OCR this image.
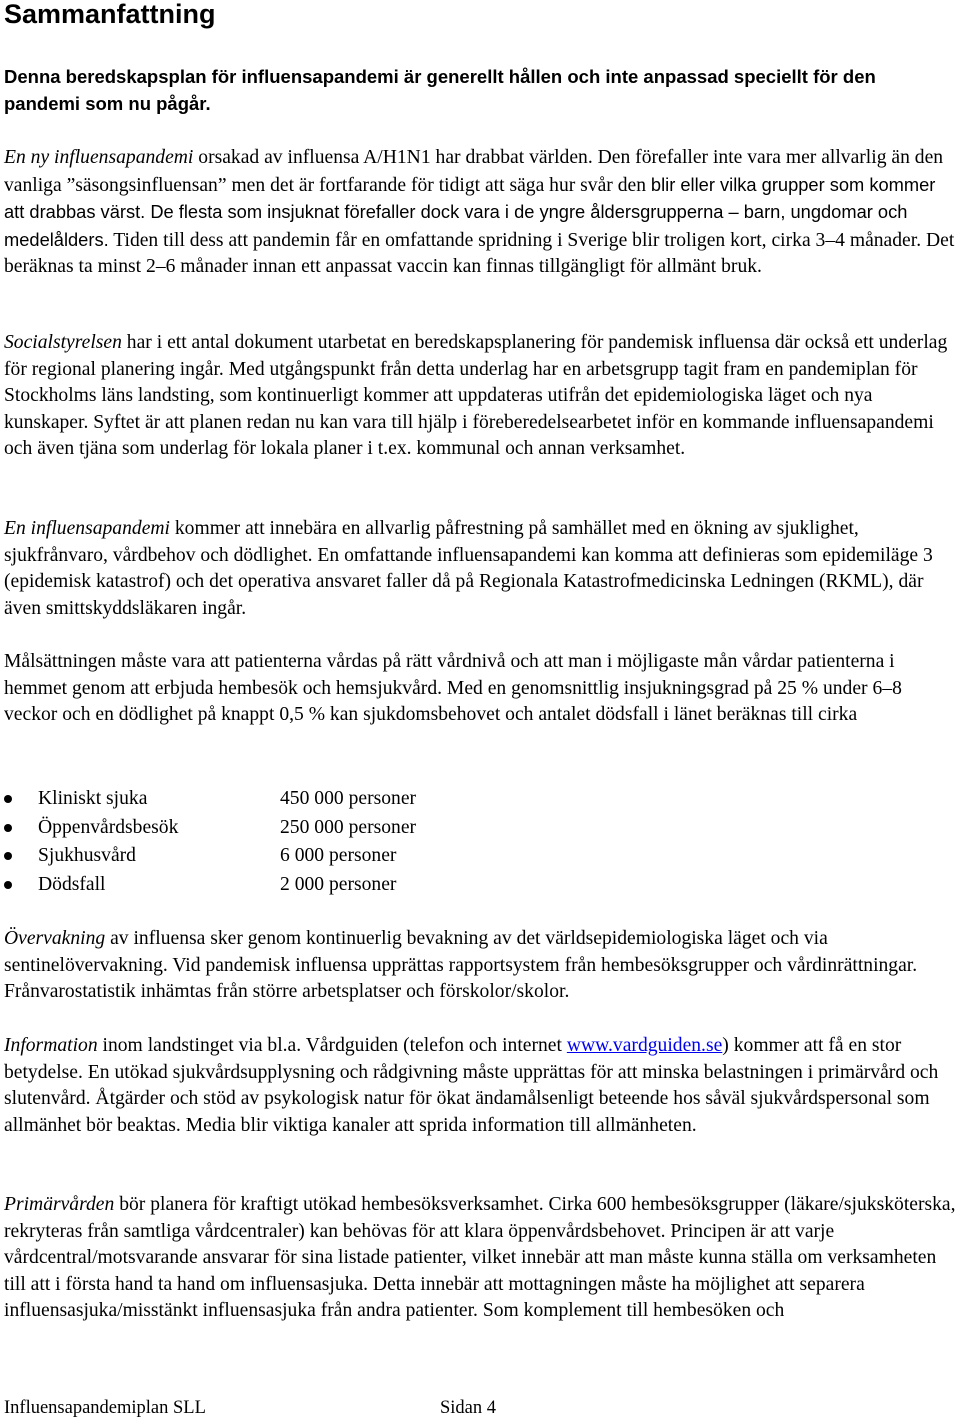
Sammanfattning

Denna beredskapsplan för influensapandemi är generellt hållen och inte anpassad speciellt för den pandemi som nu pågår.

En ny influensapandemi orsakad av influensa A/H1N1 har drabbat världen. Den förefaller inte vara mer allvarlig än den vanliga ”säsongsinfluensan” men det är fortfarande för tidigt att säga hur svår den blir eller vilka grupper som kommer att drabbas värst. De flesta som insjuknat förefaller dock vara i de yngre åldersgrupperna – barn, ungdomar och medelålders. Tiden till dess att pandemin får en omfattande spridning i Sverige blir troligen kort, cirka 3–4 månader. Det beräknas ta minst 2–6 månader innan ett anpassat vaccin kan finnas tillgängligt för allmänt bruk.

Socialstyrelsen har i ett antal dokument utarbetat en beredskapsplanering för pandemisk influensa där också ett underlag för regional planering ingår. Med utgångspunkt från detta underlag har en arbetsgrupp tagit fram en pandemiplan för Stockholms läns landsting, som kontinuerligt kommer att uppdateras utifrån det epidemiologiska läget och nya kunskaper. Syftet är att planen redan nu kan vara till hjälp i föreberedelsearbetet inför en kommande influensapandemi och även tjäna som underlag för lokala planer i t.ex. kommunal och annan verksamhet.

En influensapandemi kommer att innebära en allvarlig påfrestning på samhället med en ökning av sjuklighet, sjukfrånvaro, vårdbehov och dödlighet. En omfattande influensapandemi kan komma att definieras som epidemiläge 3 (epidemisk katastrof) och det operativa ansvaret faller då på Regionala Katastrofmedicinska Ledningen (RKML), där även smittskyddsläkaren ingår.

Målsättningen måste vara att patienterna vårdas på rätt vårdnivå och att man i möjligaste mån vårdar patienterna i hemmet genom att erbjuda hembesök och hemsjukvård. Med en genomsnittlig insjukningsgrad på 25 % under 6–8 veckor och en dödlighet på knappt 0,5 % kan sjukdomsbehovet och antalet dödsfall i länet beräknas till cirka

Kliniskt sjuka	450 000 personer
Öppenvårdsbesök	250 000 personer
Sjukhusvård	6 000 personer
Dödsfall	2 000 personer

Övervakning av influensa sker genom kontinuerlig bevakning av det världsepidemiologiska läget och via sentinelövervakning. Vid pandemisk influensa upprättas rapportsystem från hembesöksgrupper och vårdinrättningar. Frånvarostatistik inhämtas från större arbetsplatser och förskolor/skolor.

Information inom landstinget via bl.a. Vårdguiden (telefon och internet www.vardguiden.se) kommer att få en stor betydelse. En utökad sjukvårdsupplysning och rådgivning måste upprättas för att minska belastningen i primärvård och slutenvård. Åtgärder och stöd av psykologisk natur för ökat ändamålsenligt beteende hos såväl sjukvårdspersonal som allmänhet bör beaktas. Media blir viktiga kanaler att sprida information till allmänheten.

Primärvården bör planera för kraftigt utökad hembesöksverksamhet. Cirka 600 hembesöksgrupper (läkare/sjuksköterska, rekryteras från samtliga vårdcentraler) kan behövas för att klara öppenvårdsbehovet. Principen är att varje vårdcentral/motsvarande ansvarar för sina listade patienter, vilket innebär att man måste kunna ställa om verksamheten till att i första hand ta hand om influensasjuka. Detta innebär att mottagningen måste ha möjlighet att separera influensasjuka/misstänkt influensasjuka från andra patienter. Som komplement till hembesöken och

Influensapandemiplan SLL	Sidan 4
